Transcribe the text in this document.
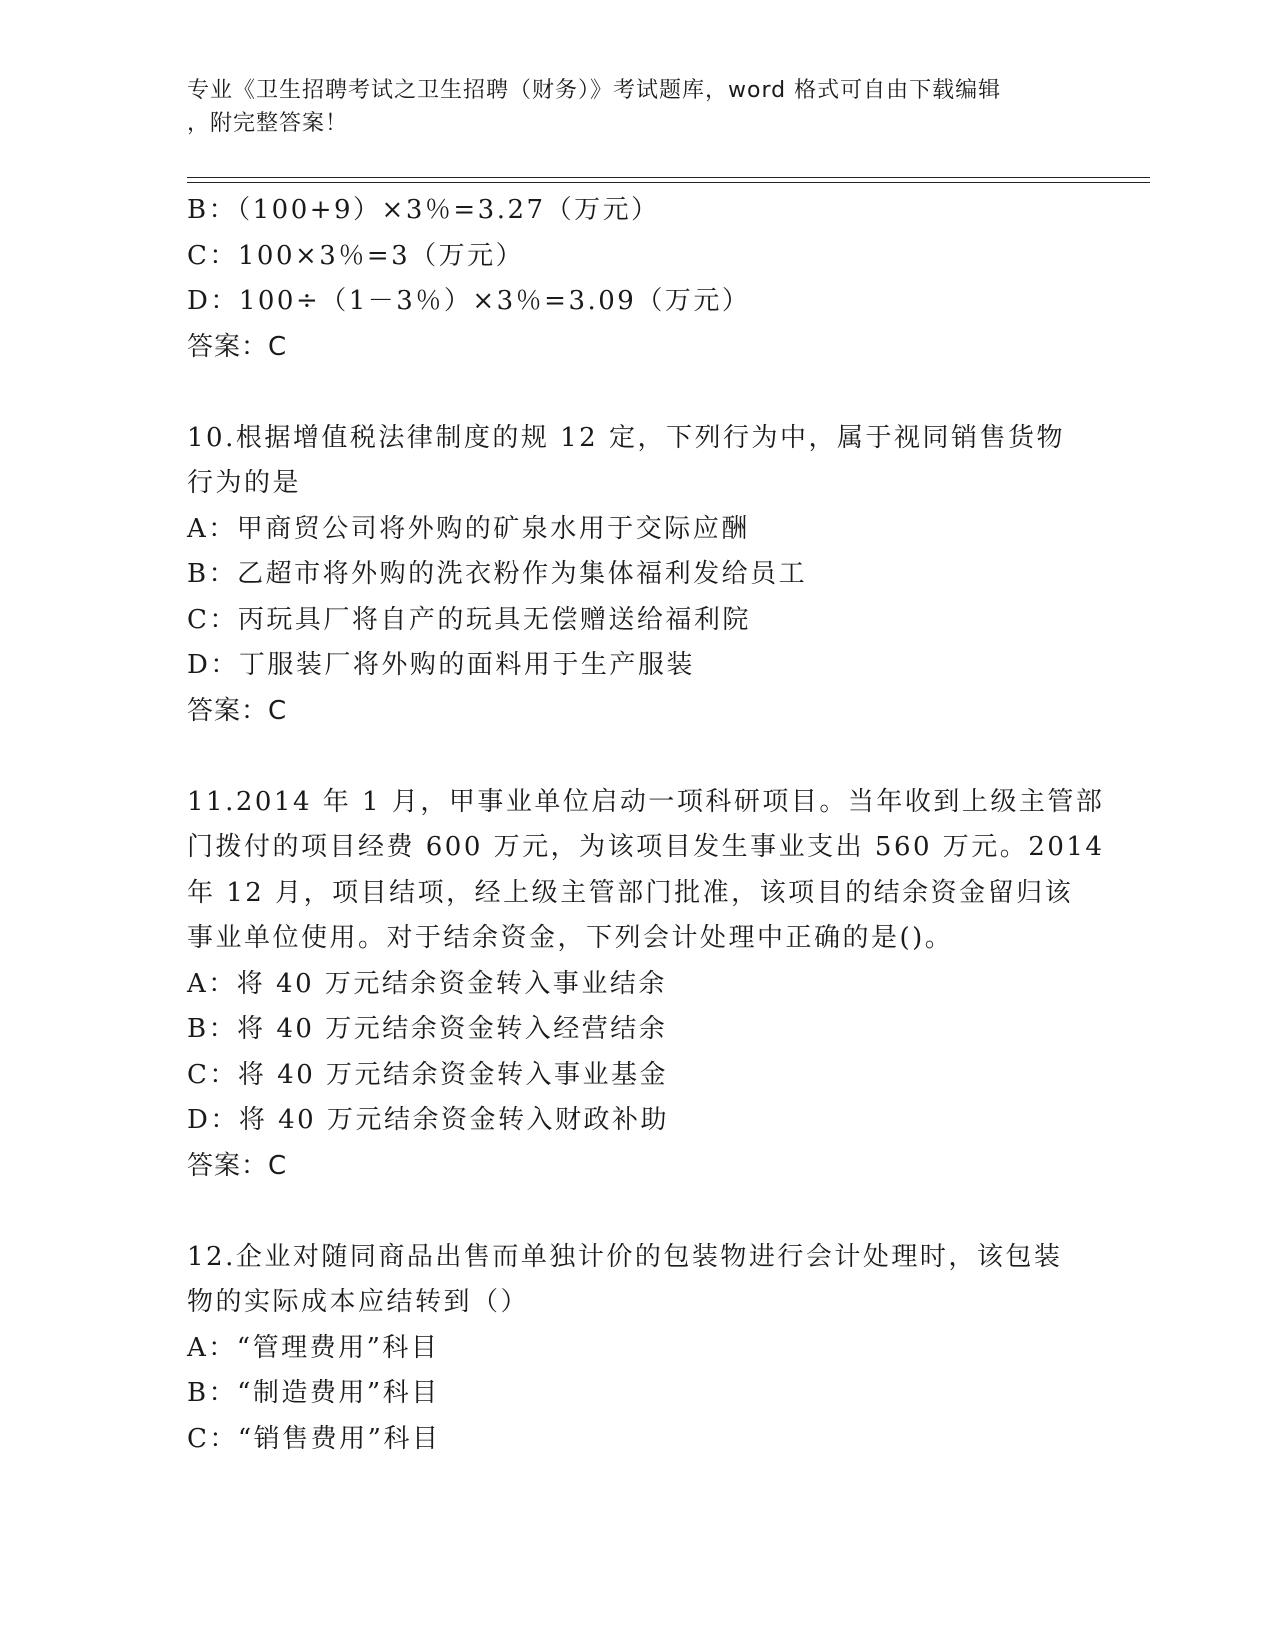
专业《卫生招聘考试之卫生招聘（财务）》考试题库，word 格式可自由下载编辑
，附完整答案！
B：（100+9）×3％=3.27（万元）
C：100×3％=3（万元）
D：100÷（1－3％）×3％=3.09（万元）
答案：C
10.根据增值税法律制度的规 12 定，下列行为中，属于视同销售货物
行为的是
A：甲商贸公司将外购的矿泉水用于交际应酬
B：乙超市将外购的洗衣粉作为集体福利发给员工
C：丙玩具厂将自产的玩具无偿赠送给福利院
D：丁服装厂将外购的面料用于生产服装
答案：C
11.2014 年 1 月，甲事业单位启动一项科研项目。当年收到上级主管部
门拨付的项目经费 600 万元，为该项目发生事业支出 560 万元。2014
年 12 月，项目结项，经上级主管部门批准，该项目的结余资金留归该
事业单位使用。对于结余资金，下列会计处理中正确的是()。
A：将 40 万元结余资金转入事业结余
B：将 40 万元结余资金转入经营结余
C：将 40 万元结余资金转入事业基金
D：将 40 万元结余资金转入财政补助
答案：C
12.企业对随同商品出售而单独计价的包装物进行会计处理时，该包装
物的实际成本应结转到（）
A：“管理费用”科目
B：“制造费用”科目
C：“销售费用”科目
